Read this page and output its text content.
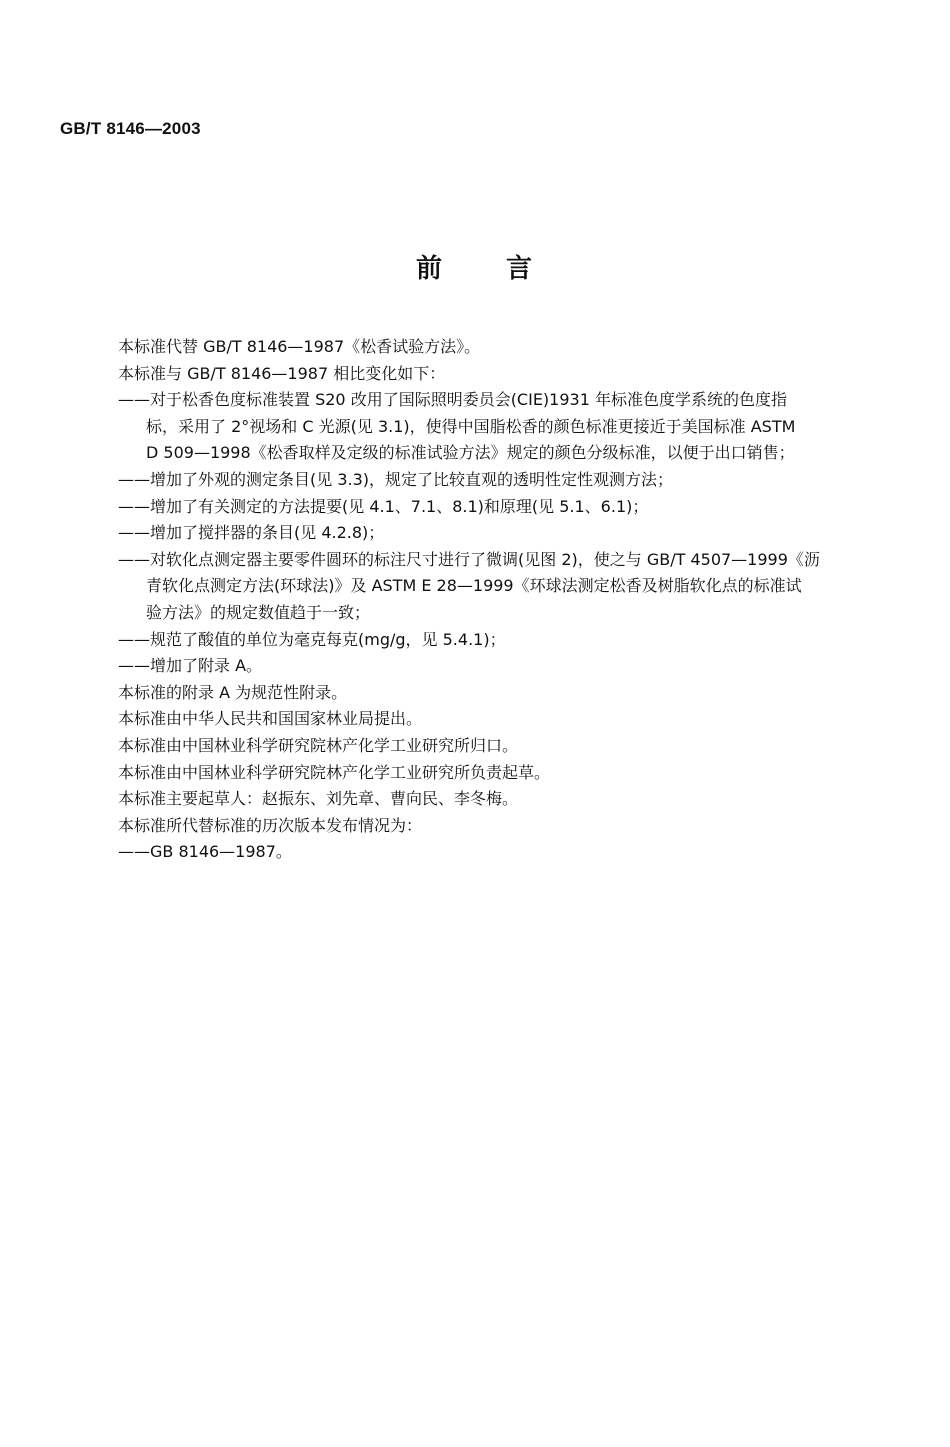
GB/T 8146—2003
前 言
本标准代替 GB/T 8146—1987《松香试验方法》。
本标准与 GB/T 8146—1987 相比变化如下：
——对于松香色度标准装置 S20 改用了国际照明委员会(CIE)1931 年标准色度学系统的色度指
标，采用了 2°视场和 C 光源(见 3.1)，使得中国脂松香的颜色标准更接近于美国标准 ASTM
D 509—1998《松香取样及定级的标准试验方法》规定的颜色分级标准，以便于出口销售；
——增加了外观的测定条目(见 3.3)，规定了比较直观的透明性定性观测方法；
——增加了有关测定的方法提要(见 4.1、7.1、8.1)和原理(见 5.1、6.1)；
——增加了搅拌器的条目(见 4.2.8)；
——对软化点测定器主要零件圆环的标注尺寸进行了微调(见图 2)，使之与 GB/T 4507—1999《沥
青软化点测定方法(环球法)》及 ASTM E 28—1999《环球法测定松香及树脂软化点的标准试
验方法》的规定数值趋于一致；
——规范了酸值的单位为毫克每克(mg/g，见 5.4.1)；
——增加了附录 A。
本标准的附录 A 为规范性附录。
本标准由中华人民共和国国家林业局提出。
本标准由中国林业科学研究院林产化学工业研究所归口。
本标准由中国林业科学研究院林产化学工业研究所负责起草。
本标准主要起草人：赵振东、刘先章、曹向民、李冬梅。
本标准所代替标准的历次版本发布情况为：
——GB 8146—1987。
